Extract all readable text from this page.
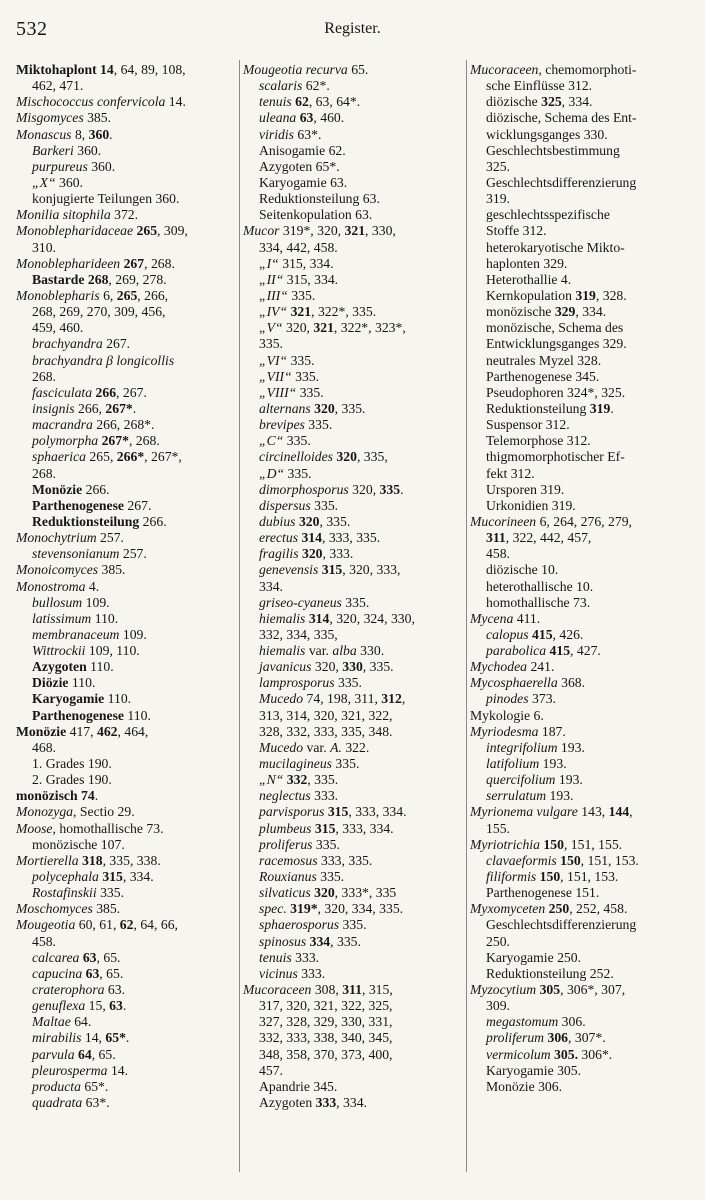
532	Register.
Miktohaplont 14, 64, 89, 108,
462, 471.
Mischococcus confervicola 14.
Misgomyces 385.
Monascus 8, 360.
Barkeri 360.
purpureus 360.
„X“ 360.
konjugierte Teilungen 360.
Monilia sitophila 372.
Monoblepharidaceae 265, 309,
310.
Monoblepharideen 267, 268.
Bastarde 268, 269, 278.
Monoblepharis 6, 265, 266,
268, 269, 270, 309, 456,
459, 460.
brachyandra 267.
brachyandra β longicollis
268.
fasciculata 266, 267.
insignis 266, 267*.
macrandra 266, 268*.
polymorpha 267*, 268.
sphaerica 265, 266*, 267*,
268.
Monözie 266.
Parthenogenese 267.
Reduktionsteilung 266.
Monochytrium 257.
stevensonianum 257.
Monoicomyces 385.
Monostroma 4.
bullosum 109.
latissimum 110.
membranaceum 109.
Wittrockii 109, 110.
Azygoten 110.
Diözie 110.
Karyogamie 110.
Parthenogenese 110.
Monözie 417, 462, 464,
468.
1. Grades 190.
2. Grades 190.
monözisch 74.
Monozyga, Sectio 29.
Moose, homothallische 73.
monözische 107.
Mortierella 318, 335, 338.
polycephala 315, 334.
Rostafinskii 335.
Moschomyces 385.
Mougeotia 60, 61, 62, 64, 66,
458.
calcarea 63, 65.
capucina 63, 65.
craterophora 63.
genuflexa 15, 63.
Maltae 64.
mirabilis 14, 65*.
parvula 64, 65.
pleurosperma 14.
producta 65*.
quadrata 63*.
Mougeotia recurva 65.
scalaris 62*.
tenuis 62, 63, 64*.
uleana 63, 460.
viridis 63*.
Anisogamie 62.
Azygoten 65*.
Karyogamie 63.
Reduktionsteilung 63.
Seitenkopulation 63.
Mucor 319*, 320, 321, 330,
334, 442, 458.
„I“ 315, 334.
„II“ 315, 334.
„III“ 335.
„IV“ 321, 322*, 335.
„V“ 320, 321, 322*, 323*,
335.
„VI“ 335.
„VII“ 335.
„VIII“ 335.
alternans 320, 335.
brevipes 335.
„C“ 335.
circinelloides 320, 335,
„D“ 335.
dimorphosporus 320, 335.
dispersus 335.
dubius 320, 335.
erectus 314, 333, 335.
fragilis 320, 333.
genevensis 315, 320, 333,
334.
griseo-cyaneus 335.
hiemalis 314, 320, 324, 330,
332, 334, 335,
hiemalis var. alba 330.
javanicus 320, 330, 335.
lamprosporus 335.
Mucedo 74, 198, 311, 312,
313, 314, 320, 321, 322,
328, 332, 333, 335, 348.
Mucedo var. A. 322.
mucilagineus 335.
„N“ 332, 335.
neglectus 333.
parvisporus 315, 333, 334.
plumbeus 315, 333, 334.
proliferus 335.
racemosus 333, 335.
Rouxianus 335.
silvaticus 320, 333*, 335
spec. 319*, 320, 334, 335.
sphaerosporus 335.
spinosus 334, 335.
tenuis 333.
vicinus 333.
Mucoraceen 308, 311, 315,
317, 320, 321, 322, 325,
327, 328, 329, 330, 331,
332, 333, 338, 340, 345,
348, 358, 370, 373, 400,
457.
Apandrie 345.
Azygoten 333, 334.
Mucoraceen, chemomorphoti-
sche Einflüsse 312.
diözische 325, 334.
diözische, Schema des Ent-
wicklungsganges 330.
Geschlechtsbestimmung
325.
Geschlechtsdifferenzierung
319.
geschlechtsspezifische
Stoffe 312.
heterokaryotische Mikto-
haplonten 329.
Heterothallie 4.
Kernkopulation 319, 328.
monözische 329, 334.
monözische, Schema des
Entwicklungsganges 329.
neutrales Myzel 328.
Parthenogenese 345.
Pseudophoren 324*, 325.
Reduktionsteilung 319.
Suspensor 312.
Telemorphose 312.
thigmomorphotischer Ef-
fekt 312.
Ursporen 319.
Urkonidien 319.
Mucorineen 6, 264, 276, 279,
311, 322, 442, 457,
458.
diözische 10.
heterothallische 10.
homothallische 73.
Mycena 411.
calopus 415, 426.
parabolica 415, 427.
Mychodea 241.
Mycosphaerella 368.
pinodes 373.
Mykologie 6.
Myriodesma 187.
integrifolium 193.
latifolium 193.
quercifolium 193.
serrulatum 193.
Myrionema vulgare 143, 144,
155.
Myriotrichia 150, 151, 155.
clavaeformis 150, 151, 153.
filiformis 150, 151, 153.
Parthenogenese 151.
Myxomyceten 250, 252, 458.
Geschlechtsdifferenzierung
250.
Karyogamie 250.
Reduktionsteilung 252.
Myzocytium 305, 306*, 307,
309.
megastomum 306.
proliferum 306, 307*.
vermicolum 305. 306*.
Karyogamie 305.
Monözie 306.
